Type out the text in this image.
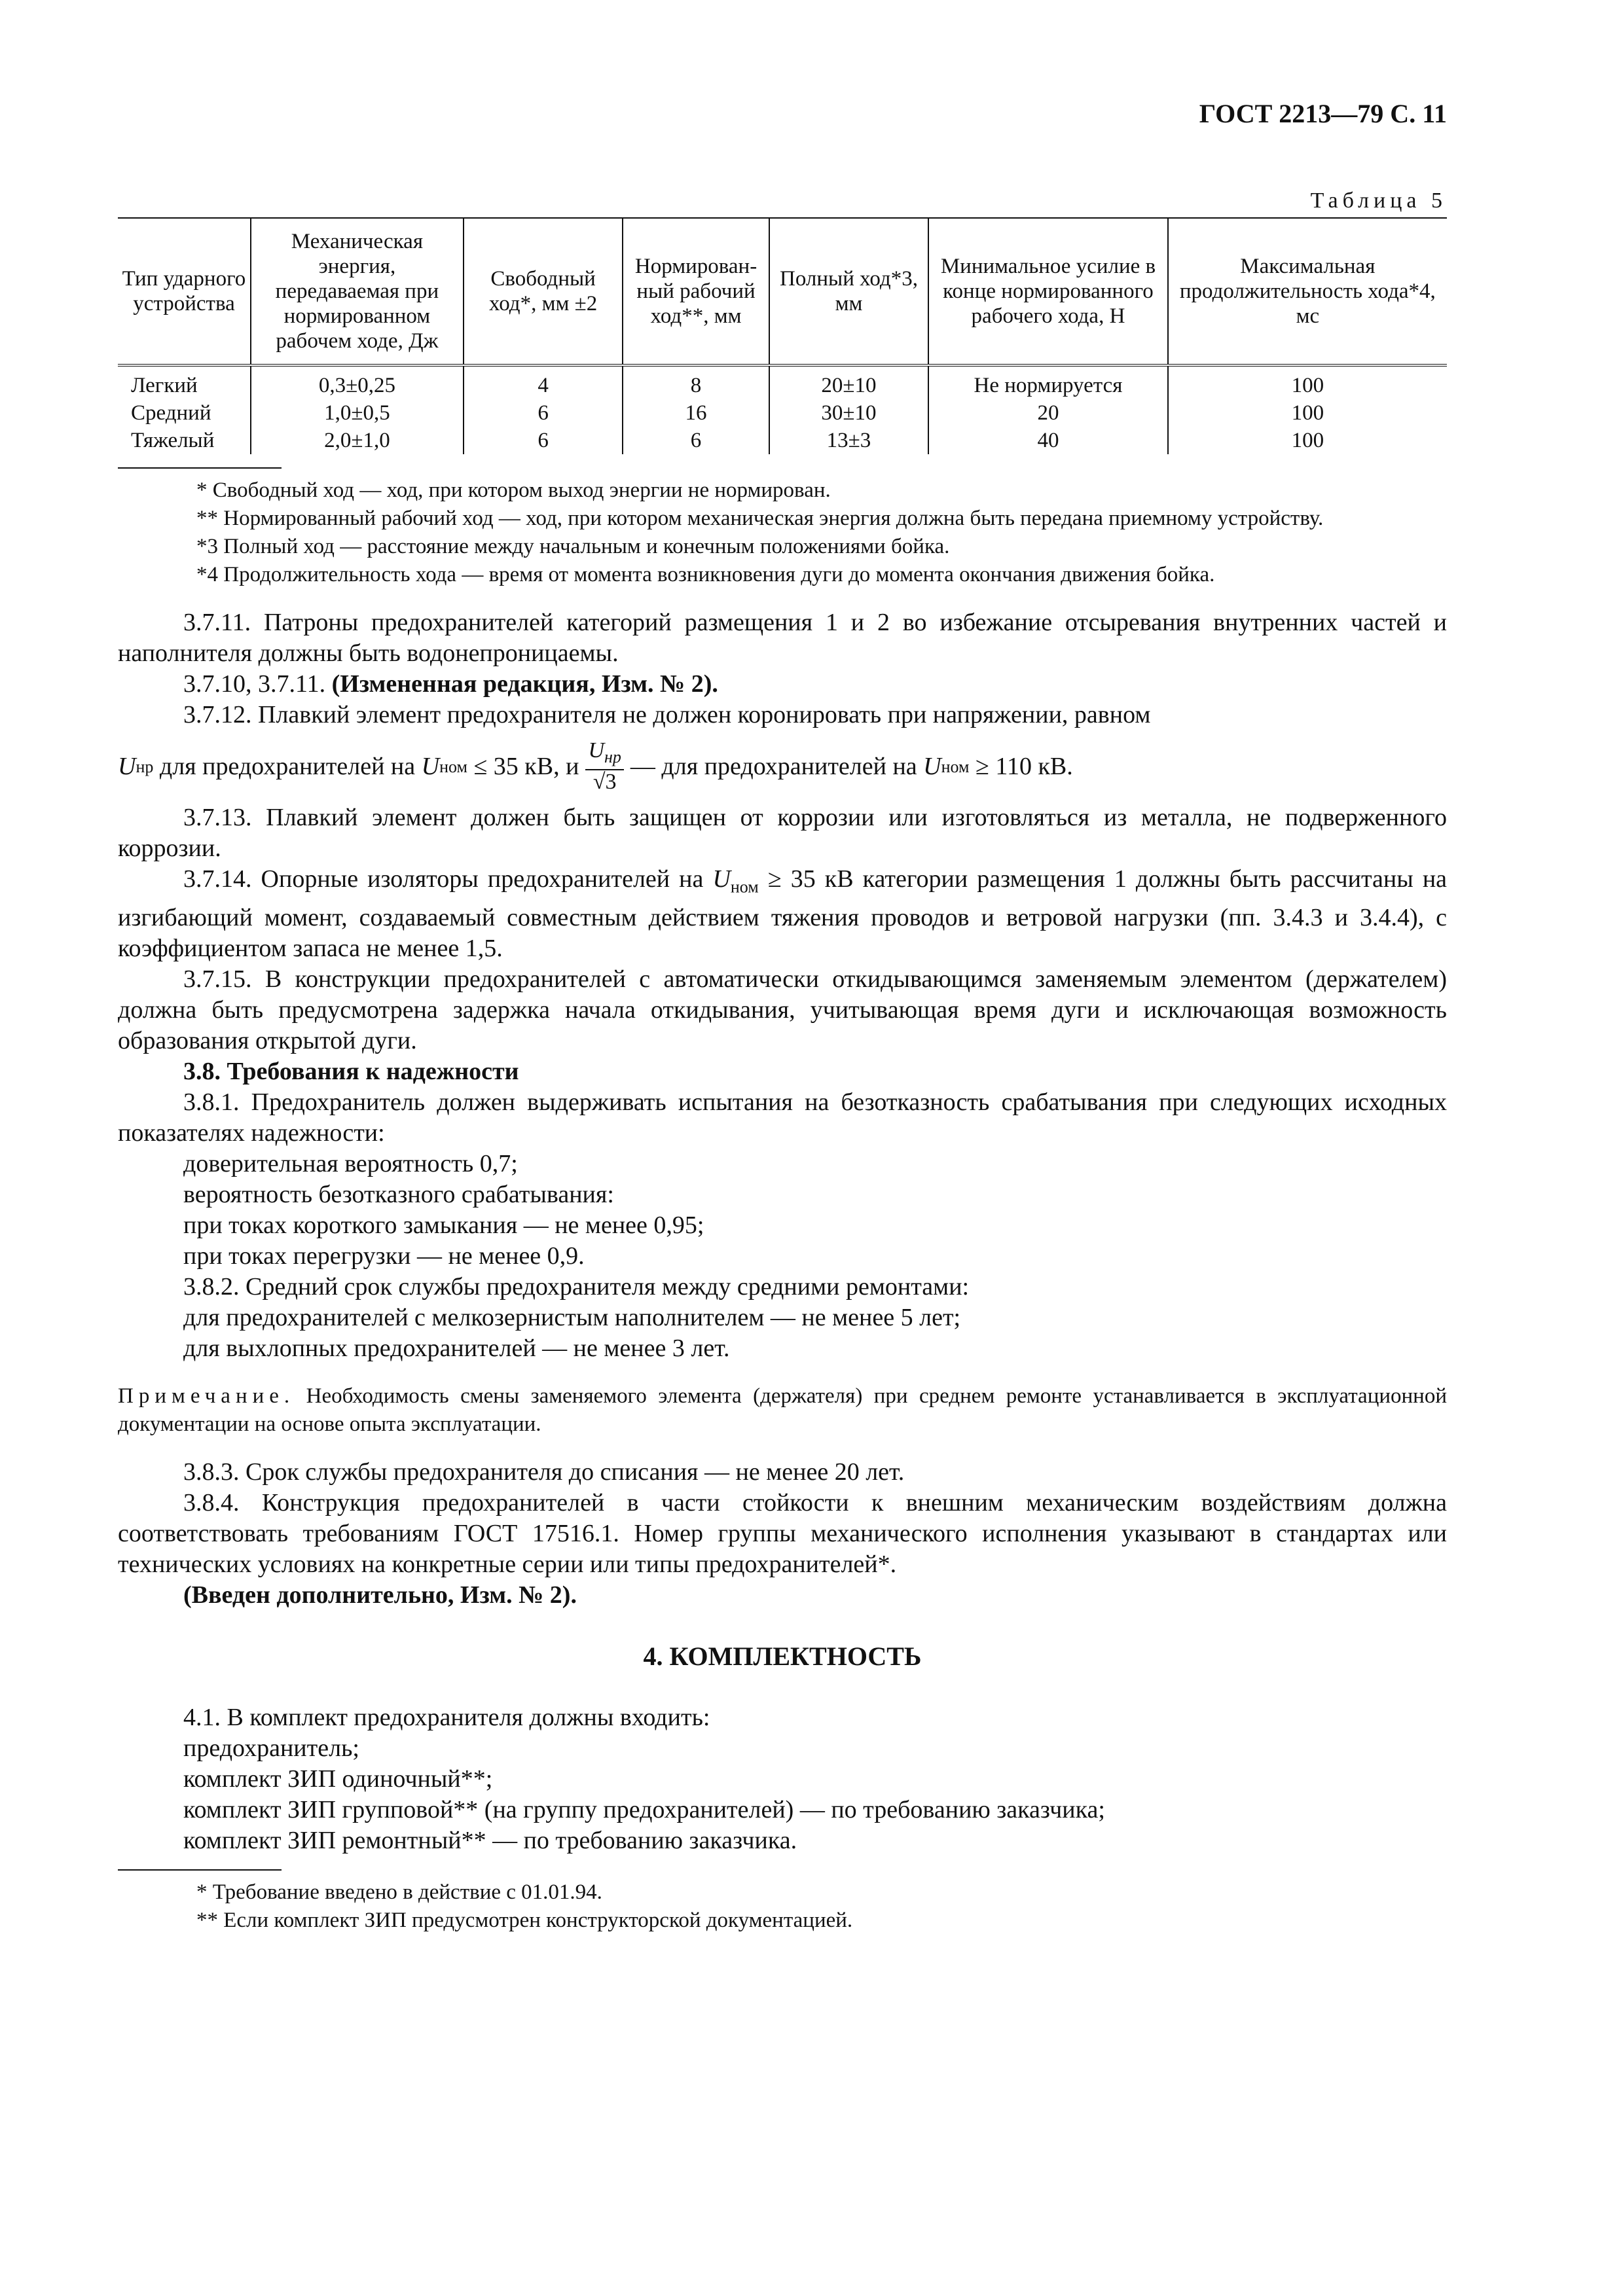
ГОСТ 2213—79 С. 11
Таблица 5
Тип ударного устройства	Механическая энергия, передаваемая при нормированном рабочем ходе, Дж	Свободный ход*, мм ±2	Нормирован- ный рабочий ход**, мм	Полный ход*3, мм	Минимальное усилие в конце нормированного рабочего хода, Н	Максимальная продолжительность хода*4, мс
Легкий	0,3±0,25	4	8	20±10	Не нормируется	100
Средний	1,0±0,5	6	16	30±10	20	100
Тяжелый	2,0±1,0	6	6	13±3	40	100

* Свободный ход — ход, при котором выход энергии не нормирован.

** Нормированный рабочий ход — ход, при котором механическая энергия должна быть передана приемному устройству.

*3 Полный ход — расстояние между начальным и конечным положениями бойка.

*4 Продолжительность хода — время от момента возникновения дуги до момента окончания движения бойка.

3.7.11. Патроны предохранителей категорий размещения 1 и 2 во избежание отсыревания внутренних частей и наполнителя должны быть водонепроницаемы.

3.7.10, 3.7.11. (Измененная редакция, Изм. № 2).

3.7.12. Плавкий элемент предохранителя не должен коронировать при напряжении, равном

U нр
для предохранителей на
U ном
≤ 35 кВ, и $\frac{U_{нр}}{√3}$ — для предохранителей на
U ном
≥ 110 кВ.

3.7.13. Плавкий элемент должен быть защищен от коррозии или изготовляться из металла, не подверженного коррозии.

3.7.14. Опорные изоляторы предохранителей на $U_{ном} \ge 35$ кВ категории размещения 1 должны быть рассчитаны на изгибающий момент, создаваемый совместным действием тяжения проводов и ветровой нагрузки (пп. 3.4.3 и 3.4.4), с коэффициентом запаса не менее 1,5.

3.7.15. В конструкции предохранителей с автоматически откидывающимся заменяемым элементом (держателем) должна быть предусмотрена задержка начала откидывания, учитывающая время дуги и исключающая возможность образования открытой дуги.

3.8. Требования к надежности

3.8.1. Предохранитель должен выдерживать испытания на безотказность срабатывания при следующих исходных показателях надежности:

доверительная вероятность 0,7;

вероятность безотказного срабатывания:

при токах короткого замыкания — не менее 0,95;

при токах перегрузки — не менее 0,9.

3.8.2. Средний срок службы предохранителя между средними ремонтами:

для предохранителей с мелкозернистым наполнителем — не менее 5 лет;

для выхлопных предохранителей — не менее 3 лет.

Примечание. Необходимость смены заменяемого элемента (держателя) при среднем ремонте устанавливается в эксплуатационной документации на основе опыта эксплуатации.

3.8.3. Срок службы предохранителя до списания — не менее 20 лет.

3.8.4. Конструкция предохранителей в части стойкости к внешним механическим воздействиям должна соответствовать требованиям ГОСТ 17516.1. Номер группы механического исполнения указывают в стандартах или технических условиях на конкретные серии или типы предохранителей*.

(Введен дополнительно, Изм. № 2).

4. КОМПЛЕКТНОСТЬ

4.1. В комплект предохранителя должны входить:

предохранитель;

комплект ЗИП одиночный**;

комплект ЗИП групповой** (на группу предохранителей) — по требованию заказчика;

комплект ЗИП ремонтный** — по требованию заказчика.

* Требование введено в действие с 01.01.94.

** Если комплект ЗИП предусмотрен конструкторской документацией.
